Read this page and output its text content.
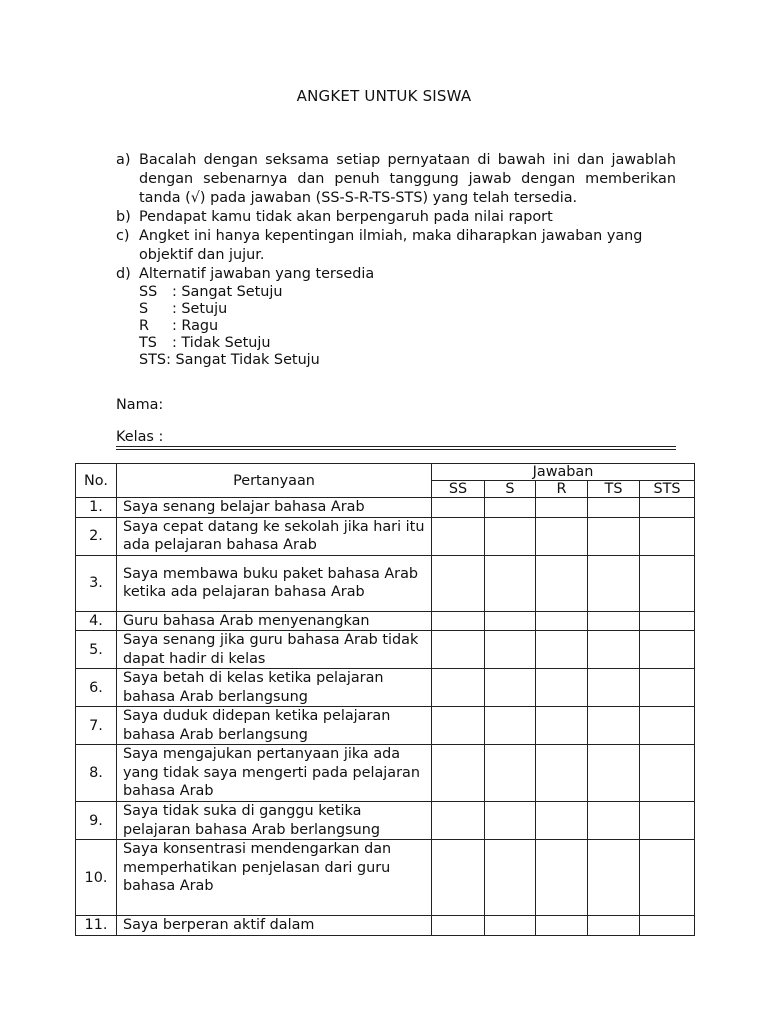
ANGKET UNTUK SISWA
a) Bacalah dengan seksama setiap pernyataan di bawah ini dan jawablah dengan sebenarnya dan penuh tanggung jawab dengan memberikan tanda (√) pada jawaban (SS-S-R-TS-STS) yang telah tersedia.
b) Pendapat kamu tidak akan berpengaruh pada nilai raport
c) Angket ini hanya kepentingan ilmiah, maka diharapkan jawaban yang objektif dan jujur.
d) Alternatif jawaban yang tersedia
SS	: Sangat Setuju
S	: Setuju
R	: Ragu
TS	: Tidak Setuju
STS : Sangat Tidak Setuju
Nama:
Kelas :
No.	Pertanyaan	Jawaban				
		SS	S	R	TS	STS
1.	Saya senang belajar bahasa Arab					
2.	Saya cepat datang ke sekolah jika hari itu ada pelajaran bahasa Arab					
3.	Saya membawa buku paket bahasa Arab ketika ada pelajaran bahasa Arab					
4.	Guru bahasa Arab menyenangkan					
5.	Saya senang jika guru bahasa Arab tidak dapat hadir di kelas					
6.	Saya betah di kelas ketika pelajaran bahasa Arab berlangsung					
7.	Saya duduk didepan ketika pelajaran bahasa Arab berlangsung					
8.	Saya mengajukan pertanyaan jika ada yang tidak saya mengerti pada pelajaran bahasa Arab					
9.	Saya tidak suka di ganggu ketika pelajaran bahasa Arab berlangsung					
10.	Saya konsentrasi mendengarkan dan memperhatikan penjelasan dari guru bahasa Arab					
11.	Saya berperan aktif dalam					
